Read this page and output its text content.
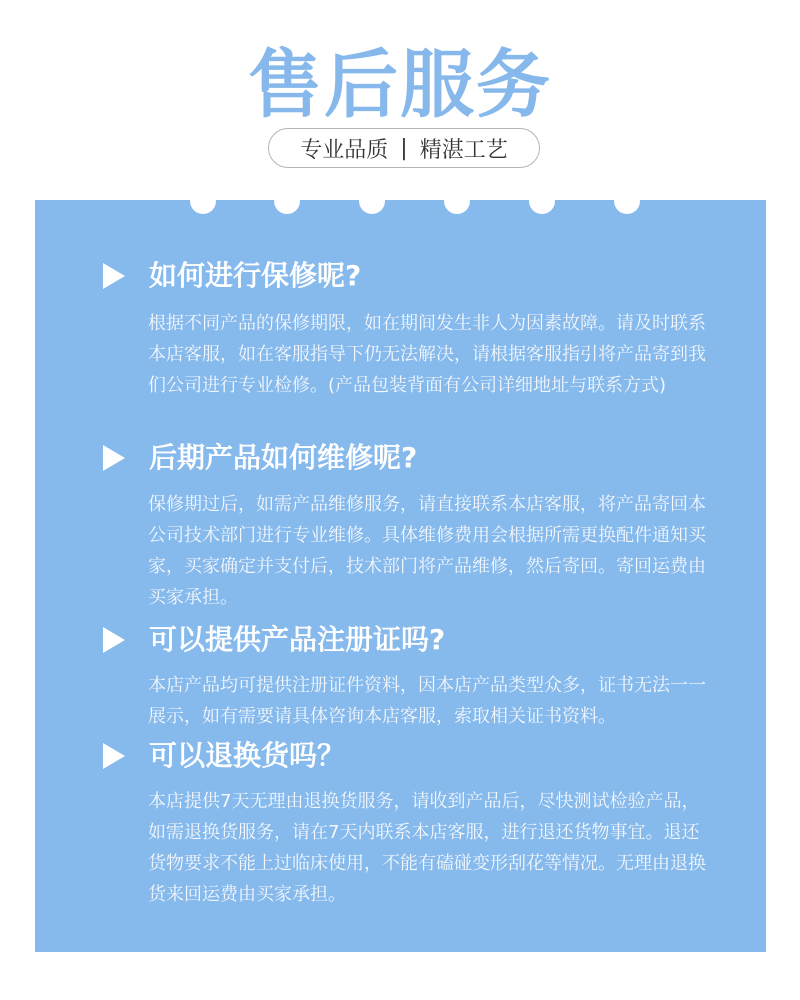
售后服务
专业品质 | 精湛工艺
如何进行保修呢?
根据不同产品的保修期限，如在期间发生非人为因素故障。请及时联系本店客服，如在客服指导下仍无法解决，请根据客服指引将产品寄到我们公司进行专业检修。(产品包装背面有公司详细地址与联系方式)
后期产品如何维修呢?
保修期过后，如需产品维修服务，请直接联系本店客服，将产品寄回本公司技术部门进行专业维修。具体维修费用会根据所需更换配件通知买家，买家确定并支付后，技术部门将产品维修，然后寄回。寄回运费由买家承担。
可以提供产品注册证吗?
本店产品均可提供注册证件资料，因本店产品类型众多，证书无法一一展示，如有需要请具体咨询本店客服，索取相关证书资料。
可以退换货吗？
本店提供7天无理由退换货服务，请收到产品后，尽快测试检验产品，如需退换货服务，请在7天内联系本店客服，进行退还货物事宜。退还货物要求不能上过临床使用，不能有磕碰变形刮花等情况。无理由退换货来回运费由买家承担。
